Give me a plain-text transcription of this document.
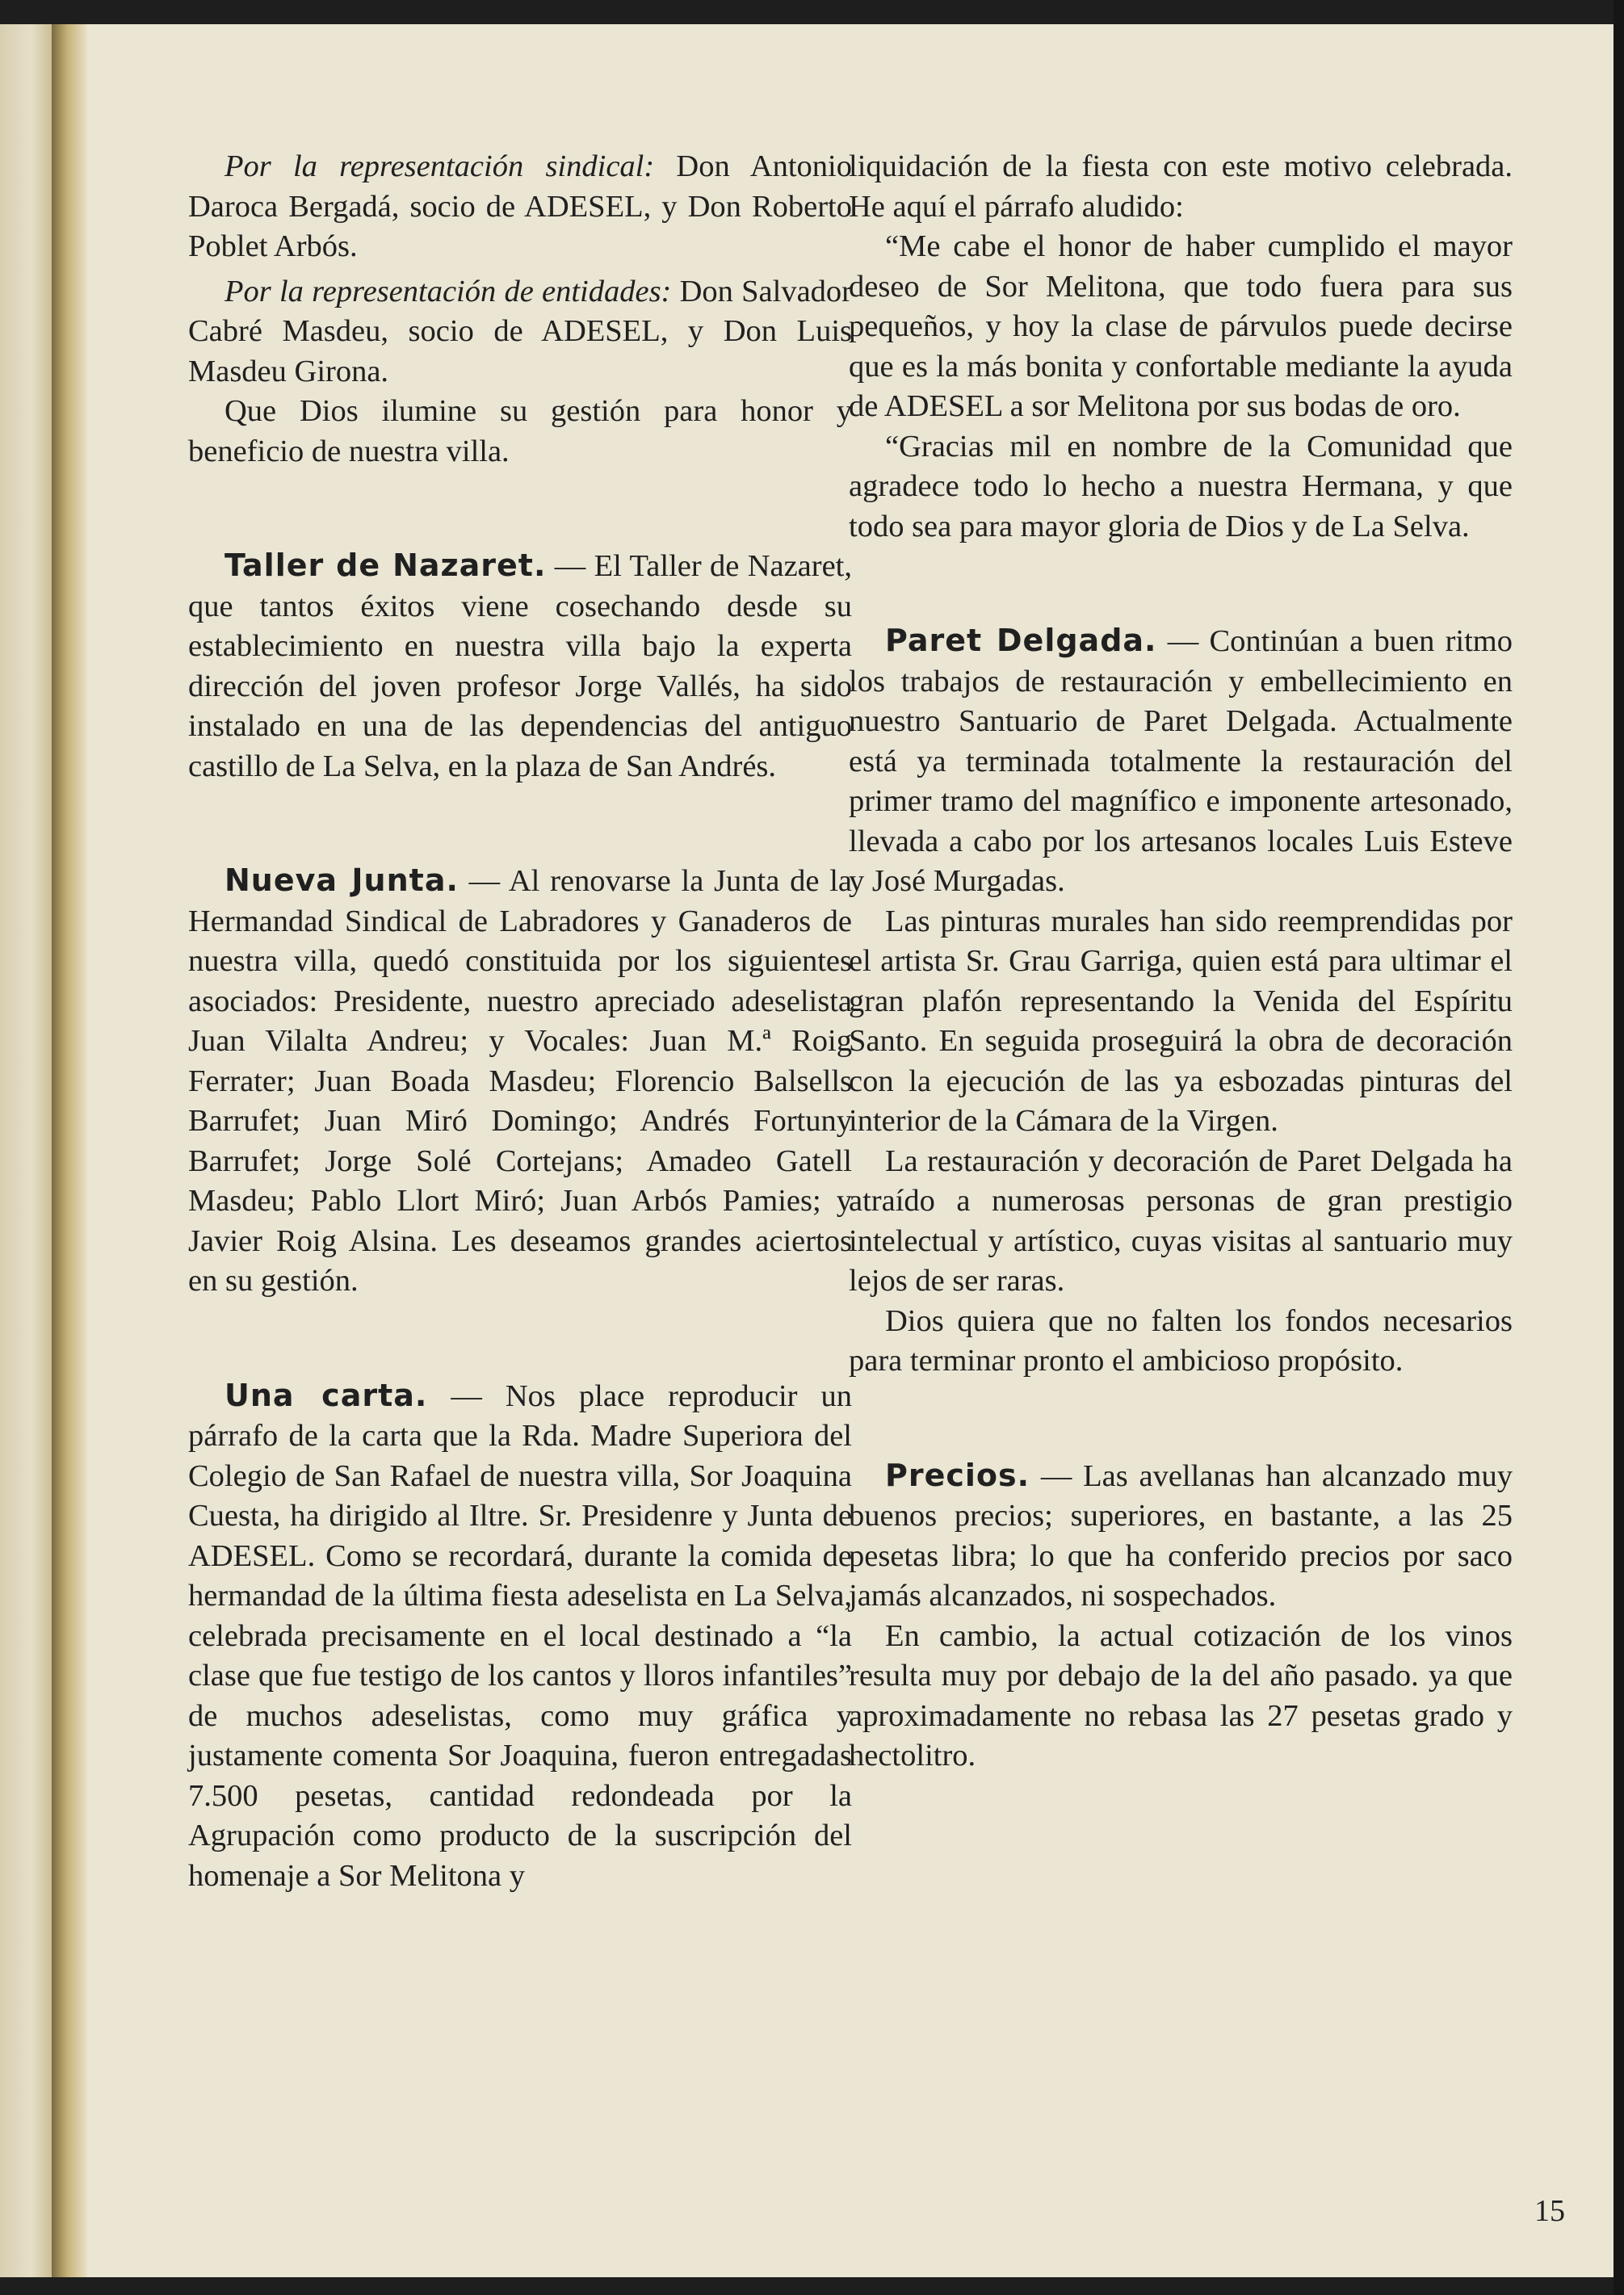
Por la representación sindical: Don Antonio Daroca Bergadá, socio de ADESEL, y Don Roberto Poblet Arbós.

Por la representación de entidades: Don Salvador Cabré Masdeu, socio de ADESEL, y Don Luis Masdeu Girona.

Que Dios ilumine su gestión para honor y beneficio de nuestra villa.

Taller de Nazaret. — El Taller de Nazaret, que tantos éxitos viene cosechando desde su establecimiento en nuestra villa bajo la experta dirección del joven profesor Jorge Vallés, ha sido instalado en una de las dependencias del antiguo castillo de La Selva, en la plaza de San Andrés.

Nueva Junta. — Al renovarse la Junta de la Hermandad Sindical de Labradores y Ganaderos de nuestra villa, quedó constituida por los siguientes asociados: Presidente, nuestro apreciado adeselista Juan Vilalta Andreu; y Vocales: Juan M.ª Roig Ferrater; Juan Boada Masdeu; Florencio Balsells Barrufet; Juan Miró Domingo; Andrés Fortuny Barrufet; Jorge Solé Cortejans; Amadeo Gatell Masdeu; Pablo Llort Miró; Juan Arbós Pamies; y Javier Roig Alsina. Les deseamos grandes aciertos en su gestión.

Una carta. — Nos place reproducir un párrafo de la carta que la Rda. Madre Superiora del Colegio de San Rafael de nuestra villa, Sor Joaquina Cuesta, ha dirigido al Iltre. Sr. Presidenre y Junta de ADESEL. Como se recordará, durante la comida de hermandad de la última fiesta adeselista en La Selva, celebrada precisamente en el local destinado a “la clase que fue testigo de los cantos y lloros infantiles” de muchos adeselistas, como muy gráfica y justamente comenta Sor Joaquina, fueron entregadas 7.500 pesetas, cantidad redondeada por la Agrupación como producto de la suscripción del homenaje a Sor Melitona y

liquidación de la fiesta con este motivo celebrada. He aquí el párrafo aludido:

“Me cabe el honor de haber cumplido el mayor deseo de Sor Melitona, que todo fuera para sus pequeños, y hoy la clase de párvulos puede decirse que es la más bonita y confortable mediante la ayuda de ADESEL a sor Melitona por sus bodas de oro.

“Gracias mil en nombre de la Comunidad que agradece todo lo hecho a nuestra Hermana, y que todo sea para mayor gloria de Dios y de La Selva.

Paret Delgada. — Continúan a buen ritmo los trabajos de restauración y embellecimiento en nuestro Santuario de Paret Delgada. Actualmente está ya terminada totalmente la restauración del primer tramo del magnífico e imponente artesonado, llevada a cabo por los artesanos locales Luis Esteve y José Murgadas.

Las pinturas murales han sido reemprendidas por el artista Sr. Grau Garriga, quien está para ultimar el gran plafón representando la Venida del Espíritu Santo. En seguida proseguirá la obra de decoración con la ejecución de las ya esbozadas pinturas del interior de la Cámara de la Virgen.

La restauración y decoración de Paret Delgada ha atraído a numerosas personas de gran prestigio intelectual y artístico, cuyas visitas al santuario muy lejos de ser raras.

Dios quiera que no falten los fondos necesarios para terminar pronto el ambicioso propósito.

Precios. — Las avellanas han alcanzado muy buenos precios; superiores, en bastante, a las 25 pesetas libra; lo que ha conferido precios por saco jamás alcanzados, ni sospechados.

En cambio, la actual cotización de los vinos resulta muy por debajo de la del año pasado. ya que aproximadamente no rebasa las 27 pesetas grado y hectolitro.

15
